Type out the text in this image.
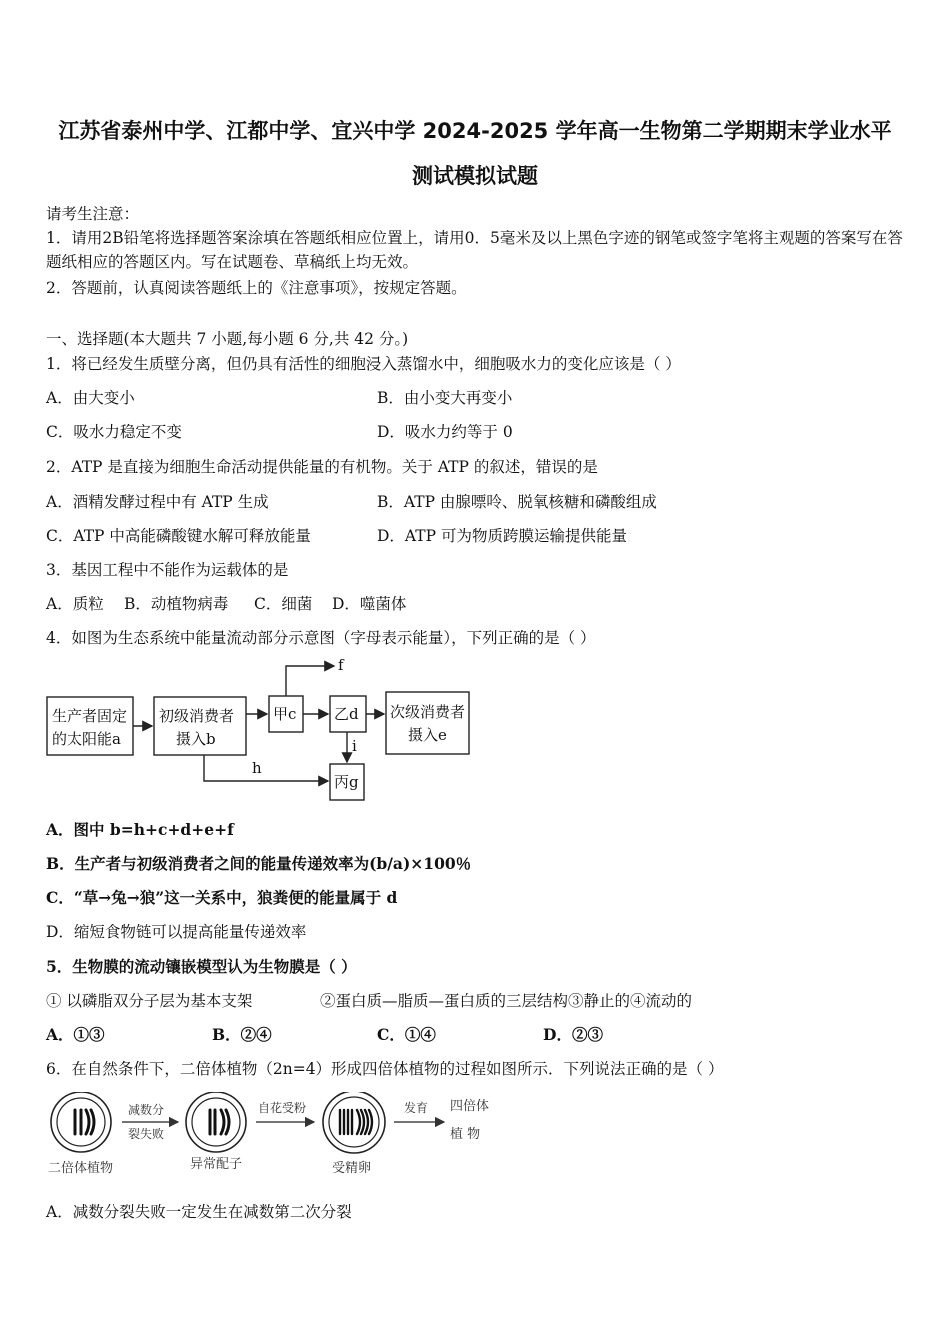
江苏省泰州中学、江都中学、宜兴中学 2024-2025 学年高一生物第二学期期末学业水平
测试模拟试题
请考生注意：
1．请用2B铅笔将选择题答案涂填在答题纸相应位置上，请用0．5毫米及以上黑色字迹的钢笔或签字笔将主观题的答案写在答题纸相应的答题区内。写在试题卷、草稿纸上均无效。
2．答题前，认真阅读答题纸上的《注意事项》，按规定答题。
一、选择题(本大题共 7 小题,每小题 6 分,共 42 分。)
1．将已经发生质壁分离，但仍具有活性的细胞浸入蒸馏水中，细胞吸水力的变化应该是（ ）
A．由大变小	B．由小变大再变小
C．吸水力稳定不变	D．吸水力约等于 0
2．ATP 是直接为细胞生命活动提供能量的有机物。关于 ATP 的叙述，错误的是
A．酒精发酵过程中有 ATP 生成	B．ATP 由腺嘌呤、脱氧核糖和磷酸组成
C．ATP 中高能磷酸键水解可释放能量	D．ATP 可为物质跨膜运输提供能量
3．基因工程中不能作为运载体的是
A．质粒 B．动植物病毒 C．细菌 D．噬菌体
4．如图为生态系统中能量流动部分示意图（字母表示能量），下列正确的是（ ）
生产者固定
的太阳能a
初级消费者
摄入b
甲c	乙d 次级消费者
摄入e
丙g
f
h
i
A．图中 b=h+c+d+e+f
B．生产者与初级消费者之间的能量传递效率为(b/a)×100％
C．“草→兔→狼”这一关系中，狼粪便的能量属于 d
D．缩短食物链可以提高能量传递效率
5．生物膜的流动镶嵌模型认为生物膜是（ ）
① 以磷脂双分子层为基本支架	②蛋白质—脂质—蛋白质的三层结构③静止的④流动的
A．①③	B．②④	C．①④	D．②③
6．在自然条件下，二倍体植物（2n=4）形成四倍体植物的过程如图所示．下列说法正确的是（ ）
减数分
裂失败
自花受粉	发育 四倍体
植 物
二倍体植物	异常配子	受精卵
A．减数分裂失败一定发生在减数第二次分裂
